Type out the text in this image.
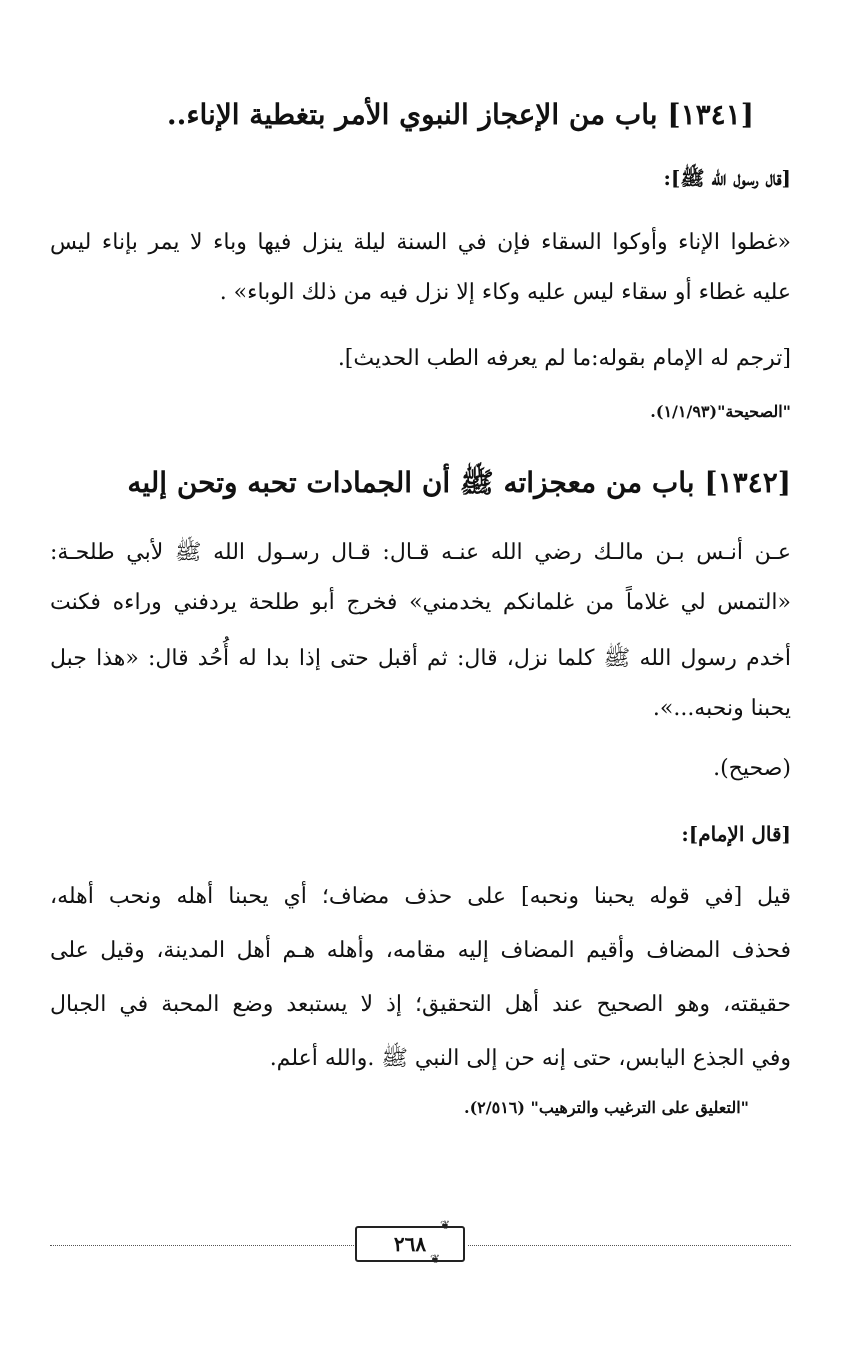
[١٣٤١] باب من الإعجاز النبوي الأمر بتغطية الإناء..
[قال رسول الله ﷺ]:
«غطوا الإناء وأوكوا السقاء فإن في السنة ليلة ينزل فيها وباء لا يمر بإناء ليس
عليه غطاء أو سقاء ليس عليه وكاء إلا نزل فيه من ذلك الوباء» .
[ترجم له الإمام بقوله:ما لم يعرفه الطب الحديث].
"الصحيحة"(١/١/٩٣).
[١٣٤٢] باب من معجزاته ﷺ أن الجمادات تحبه وتحن إليه
عـن أنـس بـن مالـك رضي الله عنـه قـال: قـال رسـول الله ﷺ لأبي طلحـة:
«التمس لي غلاماً من غلمانكم يخدمني» فخرج أبو طلحة يردفني وراءه فكنت
أخدم رسول الله ﷺ كلما نزل، قال: ثم أقبل حتى إذا بدا له أُحُد قال: «هذا جبل
يحبنا ونحبه...».
(صحيح).
[قال الإمام]:
قيل [في قوله يحبنا ونحبه] على حذف مضاف؛ أي يحبنا أهله ونحب أهله،
فحذف المضاف وأقيم المضاف إليه مقامه، وأهله هـم أهل المدينة، وقيل على
حقيقته، وهو الصحيح عند أهل التحقيق؛ إذ لا يستبعد وضع المحبة في الجبال
وفي الجذع اليابس، حتى إنه حن إلى النبي ﷺ .والله أعلم.
"التعليق على الترغيب والترهيب" (٢/٥١٦).
٢٦٨
❦
❦
